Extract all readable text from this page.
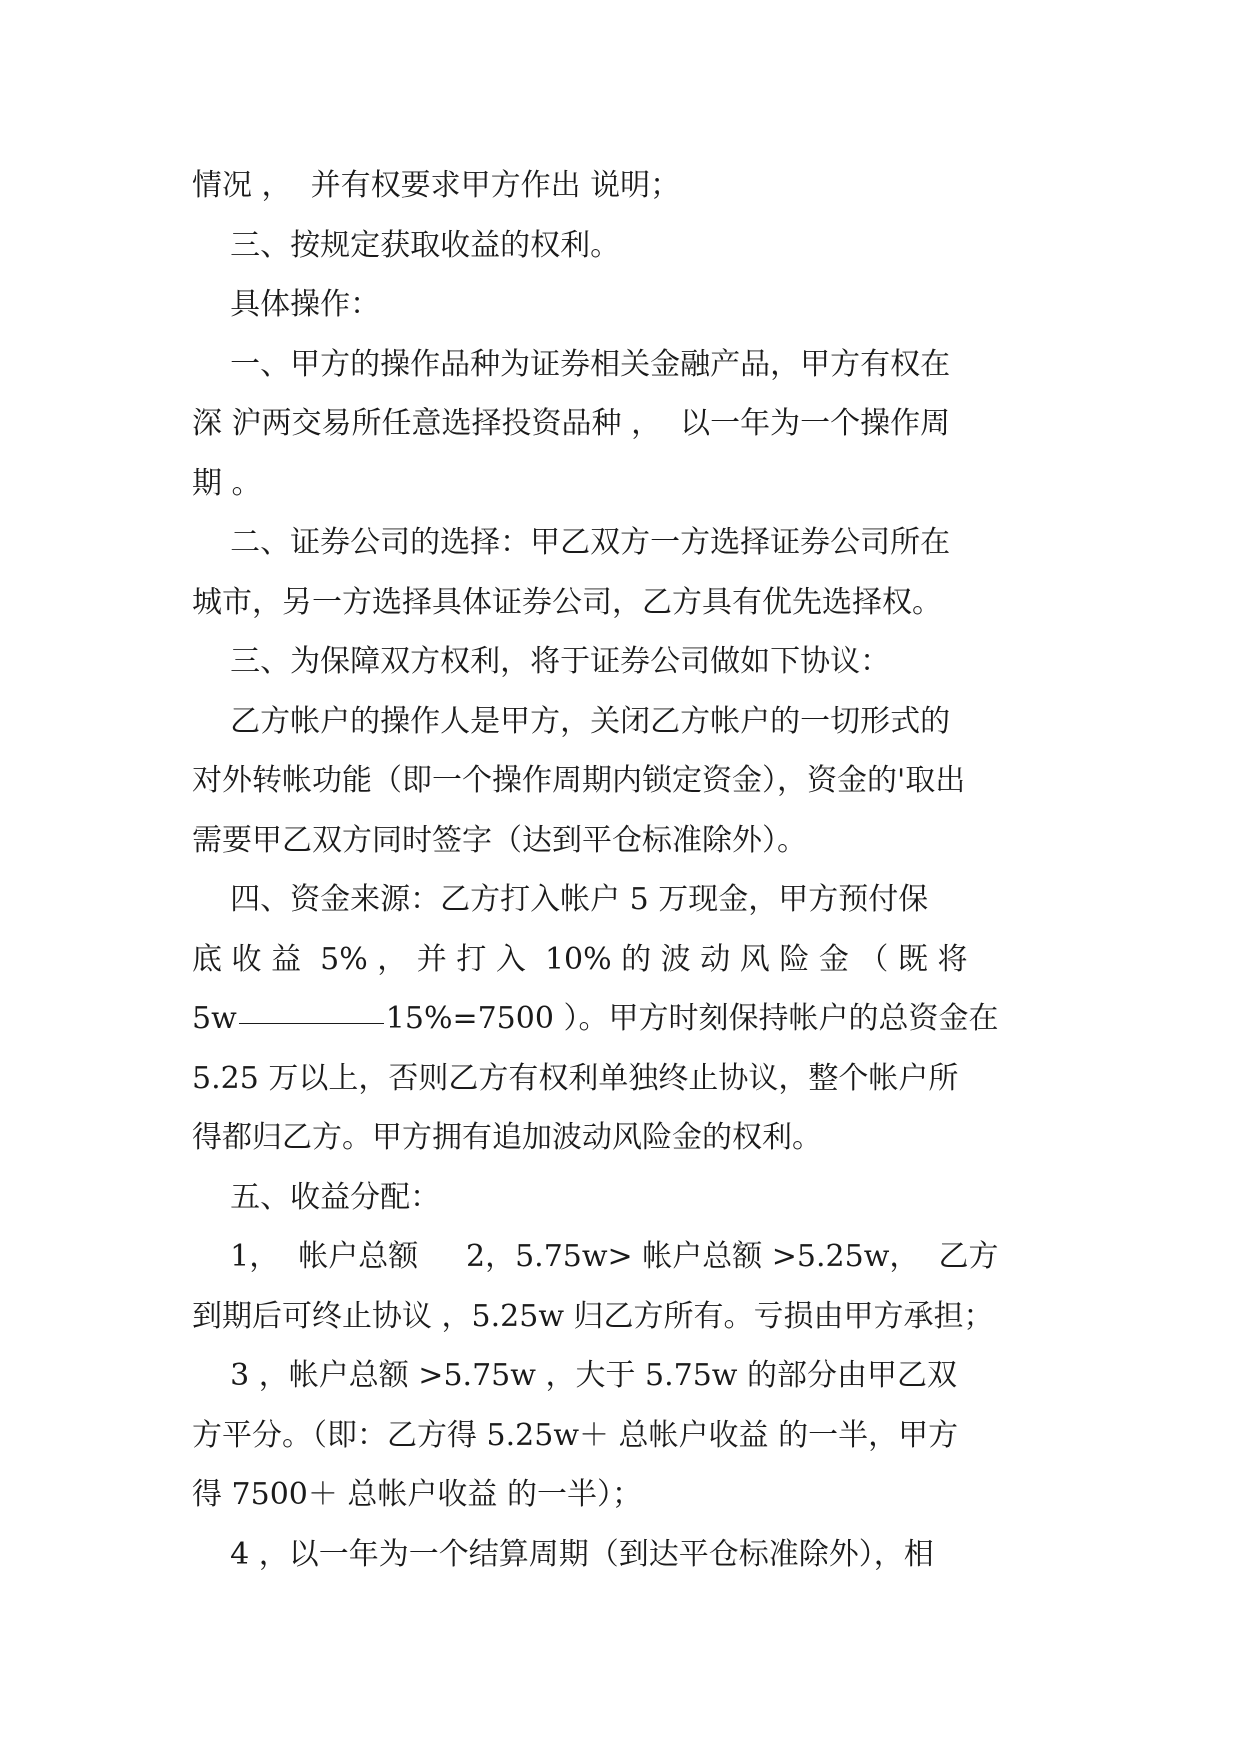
情况 ，  并有权要求甲方作出 说明；
三、按规定获取收益的权利。
具体操作：
一、甲方的操作品种为证券相关金融产品，甲方有权在
深 沪两交易所任意选择投资品种 ，  以一年为一个操作周
期 。
二、证券公司的选择：甲乙双方一方选择证券公司所在
城市，另一方选择具体证券公司，乙方具有优先选择权。
三、为保障双方权利，将于证券公司做如下协议：
乙方帐户的操作人是甲方，关闭乙方帐户的一切形式的
对外转帐功能（即一个操作周期内锁定资金），资金的'取出
需要甲乙双方同时签字（达到平仓标准除外）。
四、资金来源：乙方打入帐户 5 万现金，甲方预付保
底 收 益  5% ， 并 打 入  10% 的 波 动 风 险 金 （ 既 将
5w	15%=7500 ）。甲方时刻保持帐户的总资金在
5.25 万以上，否则乙方有权利单独终止协议，整个帐户所
得都归乙方。甲方拥有追加波动风险金的权利。
五、收益分配：
1，  帐户总额     2，5.75w> 帐户总额 >5.25w，  乙方
到期后可终止协议 ，5.25w 归乙方所有。亏损由甲方承担；
3 ，帐户总额 >5.75w ，大于 5.75w 的部分由甲乙双
方平分。（即：乙方得 5.25w＋ 总帐户收益 的一半，甲方
得 7500＋ 总帐户收益 的一半）；
4 ，以一年为一个结算周期（到达平仓标准除外），相
